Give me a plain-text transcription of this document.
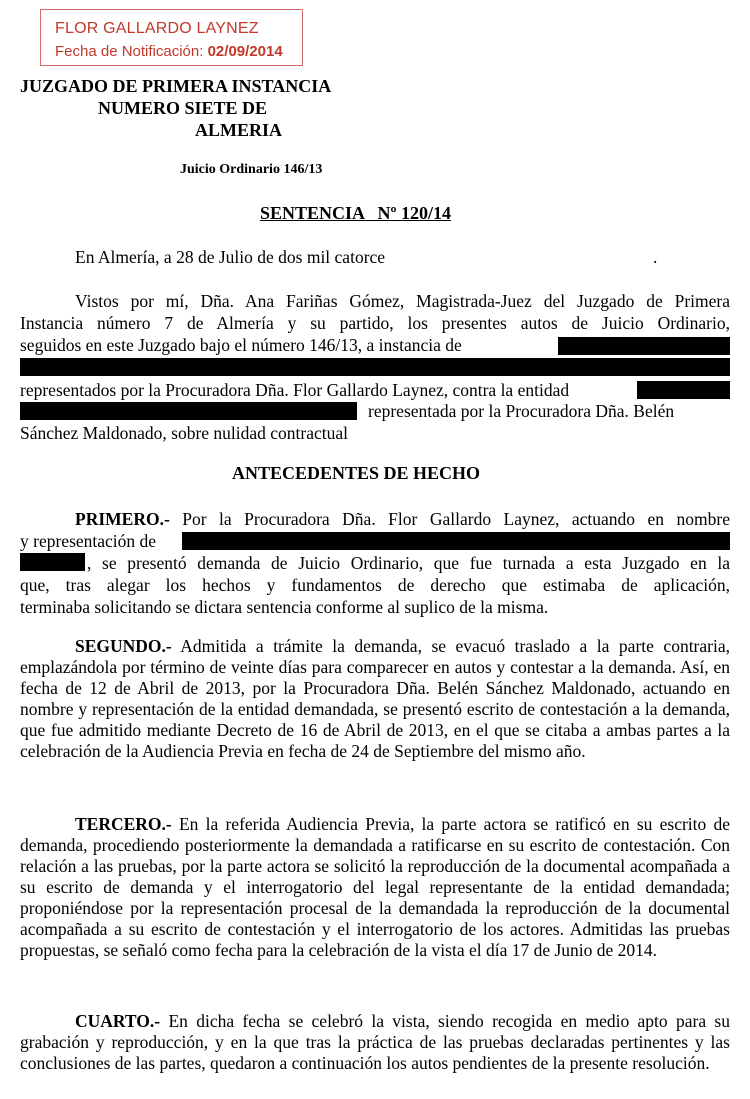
FLOR GALLARDO LAYNEZ
Fecha de Notificación: 02/09/2014
JUZGADO DE PRIMERA INSTANCIA
NUMERO SIETE DE
ALMERIA
Juicio Ordinario 146/13
SENTENCIA   Nº 120/14
En Almería, a 28 de Julio de dos mil catorce	.
Vistos por mí, Dña. Ana Fariñas Gómez, Magistrada-Juez del Juzgado de Primera
Instancia número 7 de Almería y su partido, los presentes autos de Juicio Ordinario,
seguidos en este Juzgado bajo el número 146/13, a instancia de
representados por la Procuradora Dña. Flor Gallardo Laynez, contra la entidad
representada por la Procuradora Dña. Belén
Sánchez Maldonado, sobre nulidad contractual
ANTECEDENTES DE HECHO
PRIMERO.- Por la Procuradora Dña. Flor Gallardo Laynez, actuando en nombre
y representación de
, se presentó demanda de Juicio Ordinario, que fue turnada a esta Juzgado en la
que, tras alegar los hechos y fundamentos de derecho que estimaba de aplicación,
terminaba solicitando se dictara sentencia conforme al suplico de la misma.
SEGUNDO.- Admitida a trámite la demanda, se evacuó traslado a la parte contraria, emplazándola por término de veinte días para comparecer en autos y contestar a la demanda. Así, en fecha de 12 de Abril de 2013, por la Procuradora Dña. Belén Sánchez Maldonado, actuando en nombre y representación de la entidad demandada, se presentó escrito de contestación a la demanda, que fue admitido mediante Decreto de 16 de Abril de 2013, en el que se citaba a ambas partes a la celebración de la Audiencia Previa en fecha de 24 de Septiembre del mismo año.
TERCERO.- En la referida Audiencia Previa, la parte actora se ratificó en su escrito de demanda, procediendo posteriormente la demandada a ratificarse en su escrito de contestación. Con relación a las pruebas, por la parte actora se solicitó la reproducción de la documental acompañada a su escrito de demanda y el interrogatorio del legal representante de la entidad demandada; proponiéndose por la representación procesal de la demandada la reproducción de la documental acompañada a su escrito de contestación y el interrogatorio de los actores. Admitidas las pruebas propuestas, se señaló como fecha para la celebración de la vista el día 17 de Junio de 2014.
CUARTO.- En dicha fecha se celebró la vista, siendo recogida en medio apto para su grabación y reproducción, y en la que tras la práctica de las pruebas declaradas pertinentes y las conclusiones de las partes, quedaron a continuación los autos pendientes de la presente resolución.
